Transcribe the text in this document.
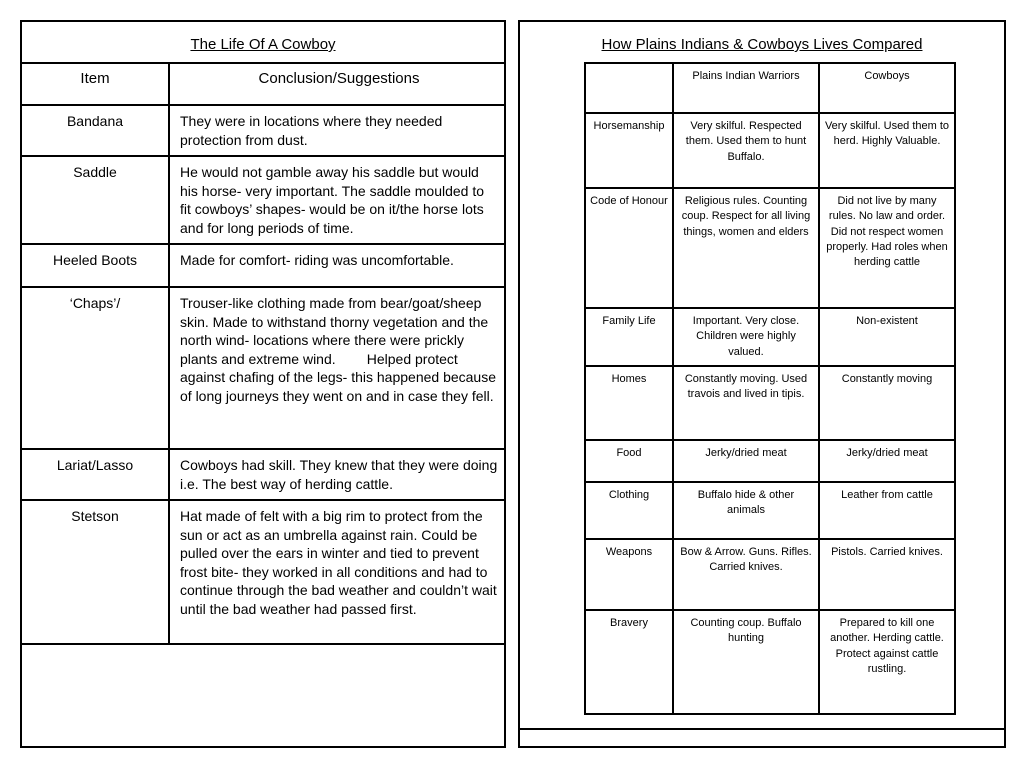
The Life Of A Cowboy
Item	Conclusion/Suggestions
Bandana	They were in locations where they needed protection from dust.
Saddle	He would not gamble away his saddle but would his horse- very important. The saddle moulded to fit cowboys’ shapes- would be on it/the horse lots and for long periods of time.
Heeled Boots	Made for comfort- riding was uncomfortable.
‘Chaps’/	Trouser-like clothing made from bear/goat/sheep skin. Made to withstand thorny vegetation and the north wind- locations where there were prickly plants and extreme wind.        Helped protect against chafing of the legs- this happened because of long journeys they went on and in case they fell.
Lariat/Lasso	Cowboys had skill. They knew that they were doing i.e. The best way of herding cattle.
Stetson	Hat made of felt with a big rim to protect from the sun or act as an umbrella against rain. Could be pulled over the ears in winter and tied to prevent frost bite- they worked in all conditions and had to continue through the bad weather and couldn’t wait until the bad weather had passed first.
How Plains Indians & Cowboys Lives Compared
	Plains Indian Warriors	Cowboys
Horsemanship	Very skilful. Respected them. Used them to hunt Buffalo.	Very skilful. Used them to herd. Highly Valuable.
Code of Honour	Religious rules. Counting coup. Respect for all living things, women and elders	Did not live by many rules. No law and order. Did not respect women properly. Had roles when herding cattle
Family Life	Important. Very close. Children were highly valued.	Non-existent
Homes	Constantly moving. Used travois and lived in tipis.	Constantly moving
Food	Jerky/dried meat	Jerky/dried meat
Clothing	Buffalo hide & other animals	Leather from cattle
Weapons	Bow & Arrow. Guns. Rifles. Carried knives.	Pistols. Carried knives.
Bravery	Counting coup. Buffalo hunting	Prepared to kill one another. Herding cattle. Protect against cattle rustling.
